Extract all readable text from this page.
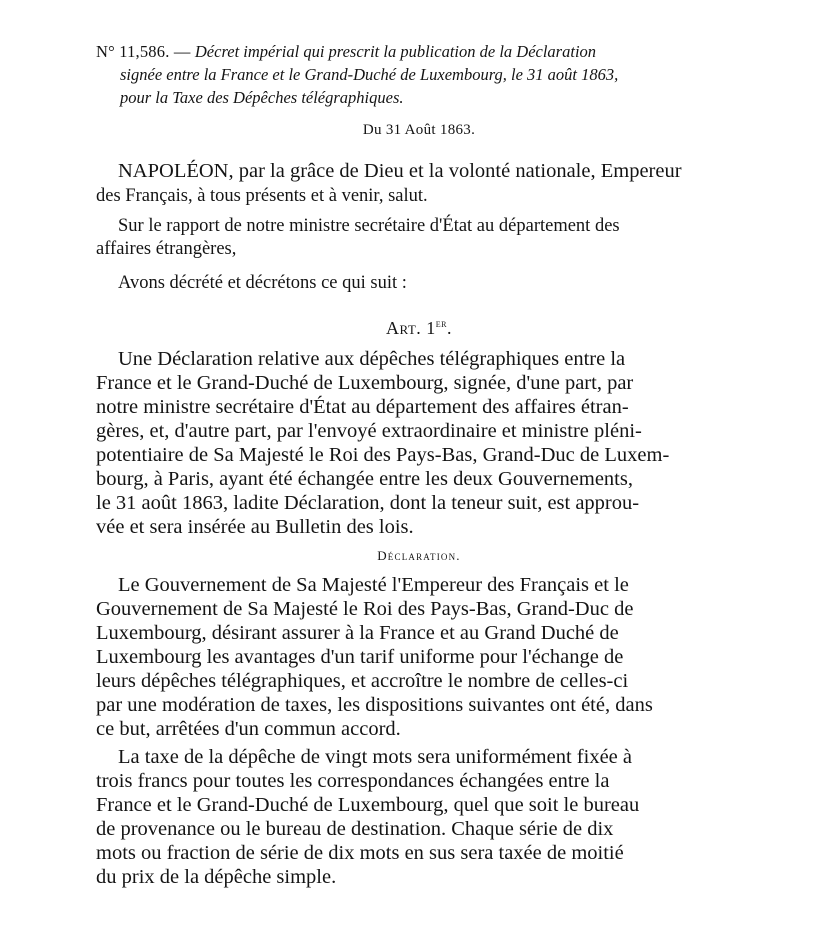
N° 11,586. — Décret impérial qui prescrit la publication de la Déclaration
signée entre la France et le Grand-Duché de Luxembourg, le 31 août 1863,
pour la Taxe des Dépêches télégraphiques.
Du 31 Août 1863.
NAPOLÉON, par la grâce de Dieu et la volonté nationale, Empereur
des Français, à tous présents et à venir, salut.
Sur le rapport de notre ministre secrétaire d'État au département des
affaires étrangères,
Avons décrété et décrétons ce qui suit :
Art. 1er.
Une Déclaration relative aux dépêches télégraphiques entre la
France et le Grand-Duché de Luxembourg, signée, d'une part, par
notre ministre secrétaire d'État au département des affaires étran-
gères, et, d'autre part, par l'envoyé extraordinaire et ministre pléni-
potentiaire de Sa Majesté le Roi des Pays-Bas, Grand-Duc de Luxem-
bourg, à Paris, ayant été échangée entre les deux Gouvernements,
le 31 août 1863, ladite Déclaration, dont la teneur suit, est approu-
vée et sera insérée au Bulletin des lois.
Déclaration.
Le Gouvernement de Sa Majesté l'Empereur des Français et le
Gouvernement de Sa Majesté le Roi des Pays-Bas, Grand-Duc de
Luxembourg, désirant assurer à la France et au Grand Duché de
Luxembourg les avantages d'un tarif uniforme pour l'échange de
leurs dépêches télégraphiques, et accroître le nombre de celles-ci
par une modération de taxes, les dispositions suivantes ont été, dans
ce but, arrêtées d'un commun accord.
La taxe de la dépêche de vingt mots sera uniformément fixée à
trois francs pour toutes les correspondances échangées entre la
France et le Grand-Duché de Luxembourg, quel que soit le bureau
de provenance ou le bureau de destination. Chaque série de dix
mots ou fraction de série de dix mots en sus sera taxée de moitié
du prix de la dépêche simple.
